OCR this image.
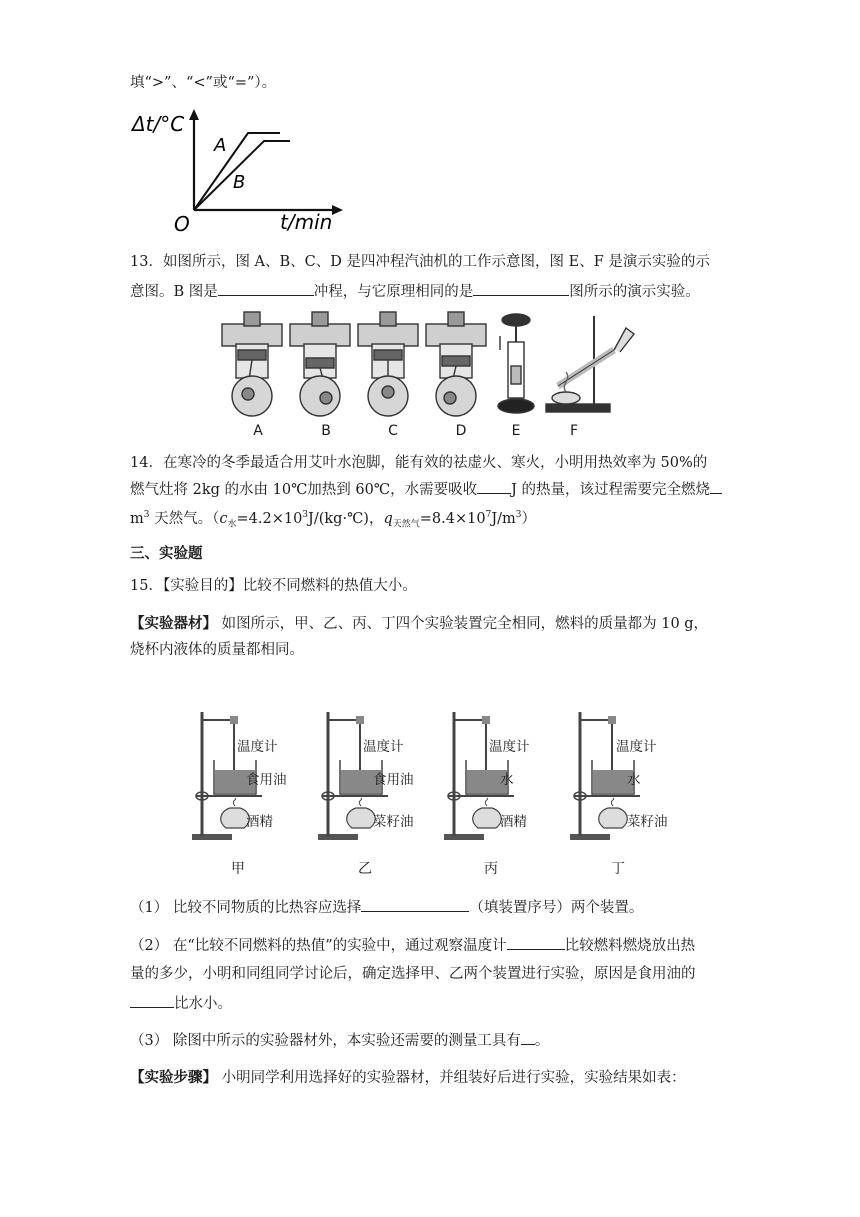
填“>”、“<”或“=”）。
Δt/°C
t/min
O
A
B
13．如图所示，图 A、B、C、D 是四冲程汽油机的工作示意图，图 E、F 是演示实验的示
意图。B 图是	冲程，与它原理相同的是	图所示的演示实验。
A	B	C	D	E	F
14．在寒冷的冬季最适合用艾叶水泡脚，能有效的祛虚火、寒火，小明用热效率为 50%的
燃气灶将 2kg 的水由 10℃加热到 60℃，水需要吸收 J 的热量，该过程需要完全燃烧
$m^3$ 天然气。（$c_水=4.2\times 10^3J/(kg\cdot℃)$，$q_{天然气}=8.4\times 10^7J/m^3$）
三、实验题
15．【实验目的】比较不同燃料的热值大小。
【实验器材】 如图所示，甲、乙、丙、丁四个实验装置完全相同，燃料的质量都为 10 g，
烧杯内液体的质量都相同。
温度计
食用油
酒精
温度计
食用油
菜籽油
温度计
水
酒精
温度计
水
菜籽油
甲	乙	丙	丁
（1） 比较不同物质的比热容应选择	（填装置序号）两个装置。
（2） 在“比较不同燃料的热值”的实验中，通过观察温度计	比较燃料燃烧放出热
量的多少，小明和同组同学讨论后，确定选择甲、乙两个装置进行实验，原因是食用油的
比水小。
（3） 除图中所示的实验器材外，本实验还需要的测量工具有 。
【实验步骤】 小明同学利用选择好的实验器材，并组装好后进行实验，实验结果如表：
